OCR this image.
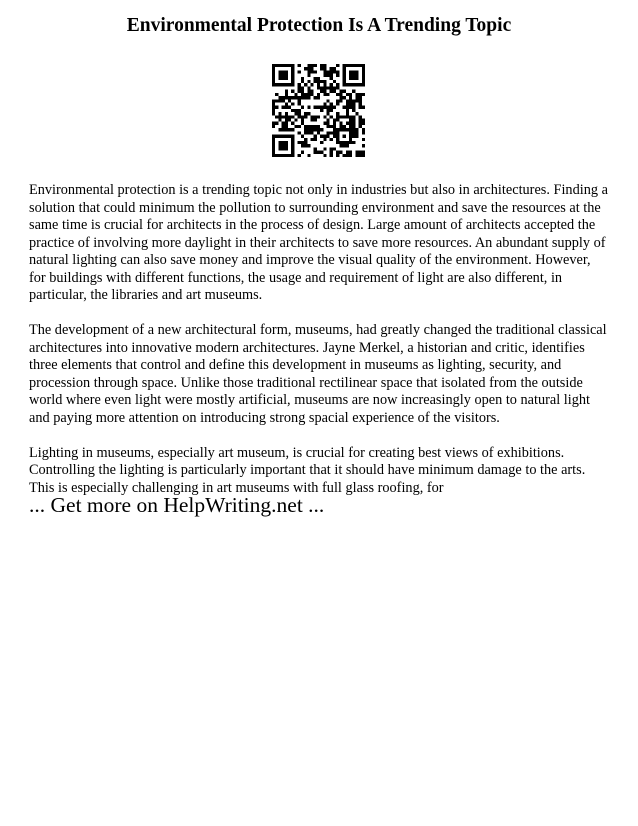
Environmental Protection Is A Trending Topic

Environmental protection is a trending topic not only in industries but also in architectures. Finding a solution that could minimum the pollution to surrounding environment and save the resources at the same time is crucial for architects in the process of design. Large amount of architects accepted the practice of involving more daylight in their architects to save more resources. An abundant supply of natural lighting can also save money and improve the visual quality of the environment. However, for buildings with different functions, the usage and requirement of light are also different, in particular, the libraries and art museums.

The development of a new architectural form, museums, had greatly changed the traditional classical architectures into innovative modern architectures. Jayne Merkel, a historian and critic, identifies three elements that control and define this development in museums as lighting, security, and procession through space. Unlike those traditional rectilinear space that isolated from the outside world where even light were mostly artificial, museums are now increasingly open to natural light and paying more attention on introducing strong spacial experience of the visitors.

Lighting in museums, especially art museum, is crucial for creating best views of exhibitions. Controlling the lighting is particularly important that it should have minimum damage to the arts. This is especially challenging in art museums with full glass roofing, for

... Get more on HelpWriting.net ...
